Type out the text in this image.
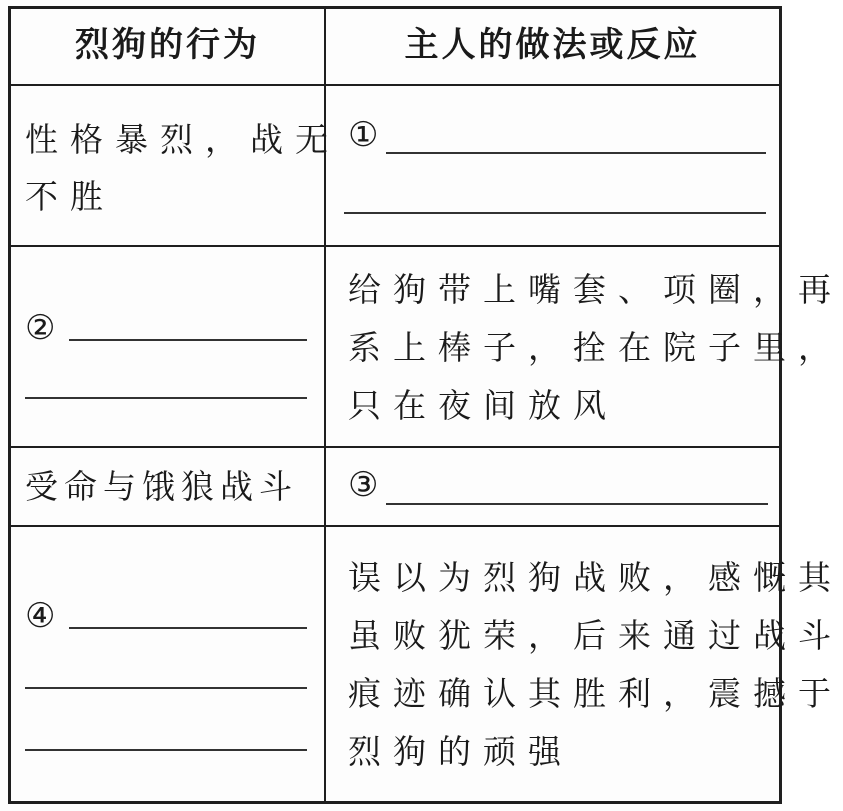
烈狗的行为	主人的做法或反应
性格暴烈，战无
不胜
①
②
给狗带上嘴套、项圈，再
系上棒子，拴在院子里，
只在夜间放风
受命与饿狼战斗 ③
④
误以为烈狗战败，感慨其
虽败犹荣，后来通过战斗
痕迹确认其胜利，震撼于
烈狗的顽强
